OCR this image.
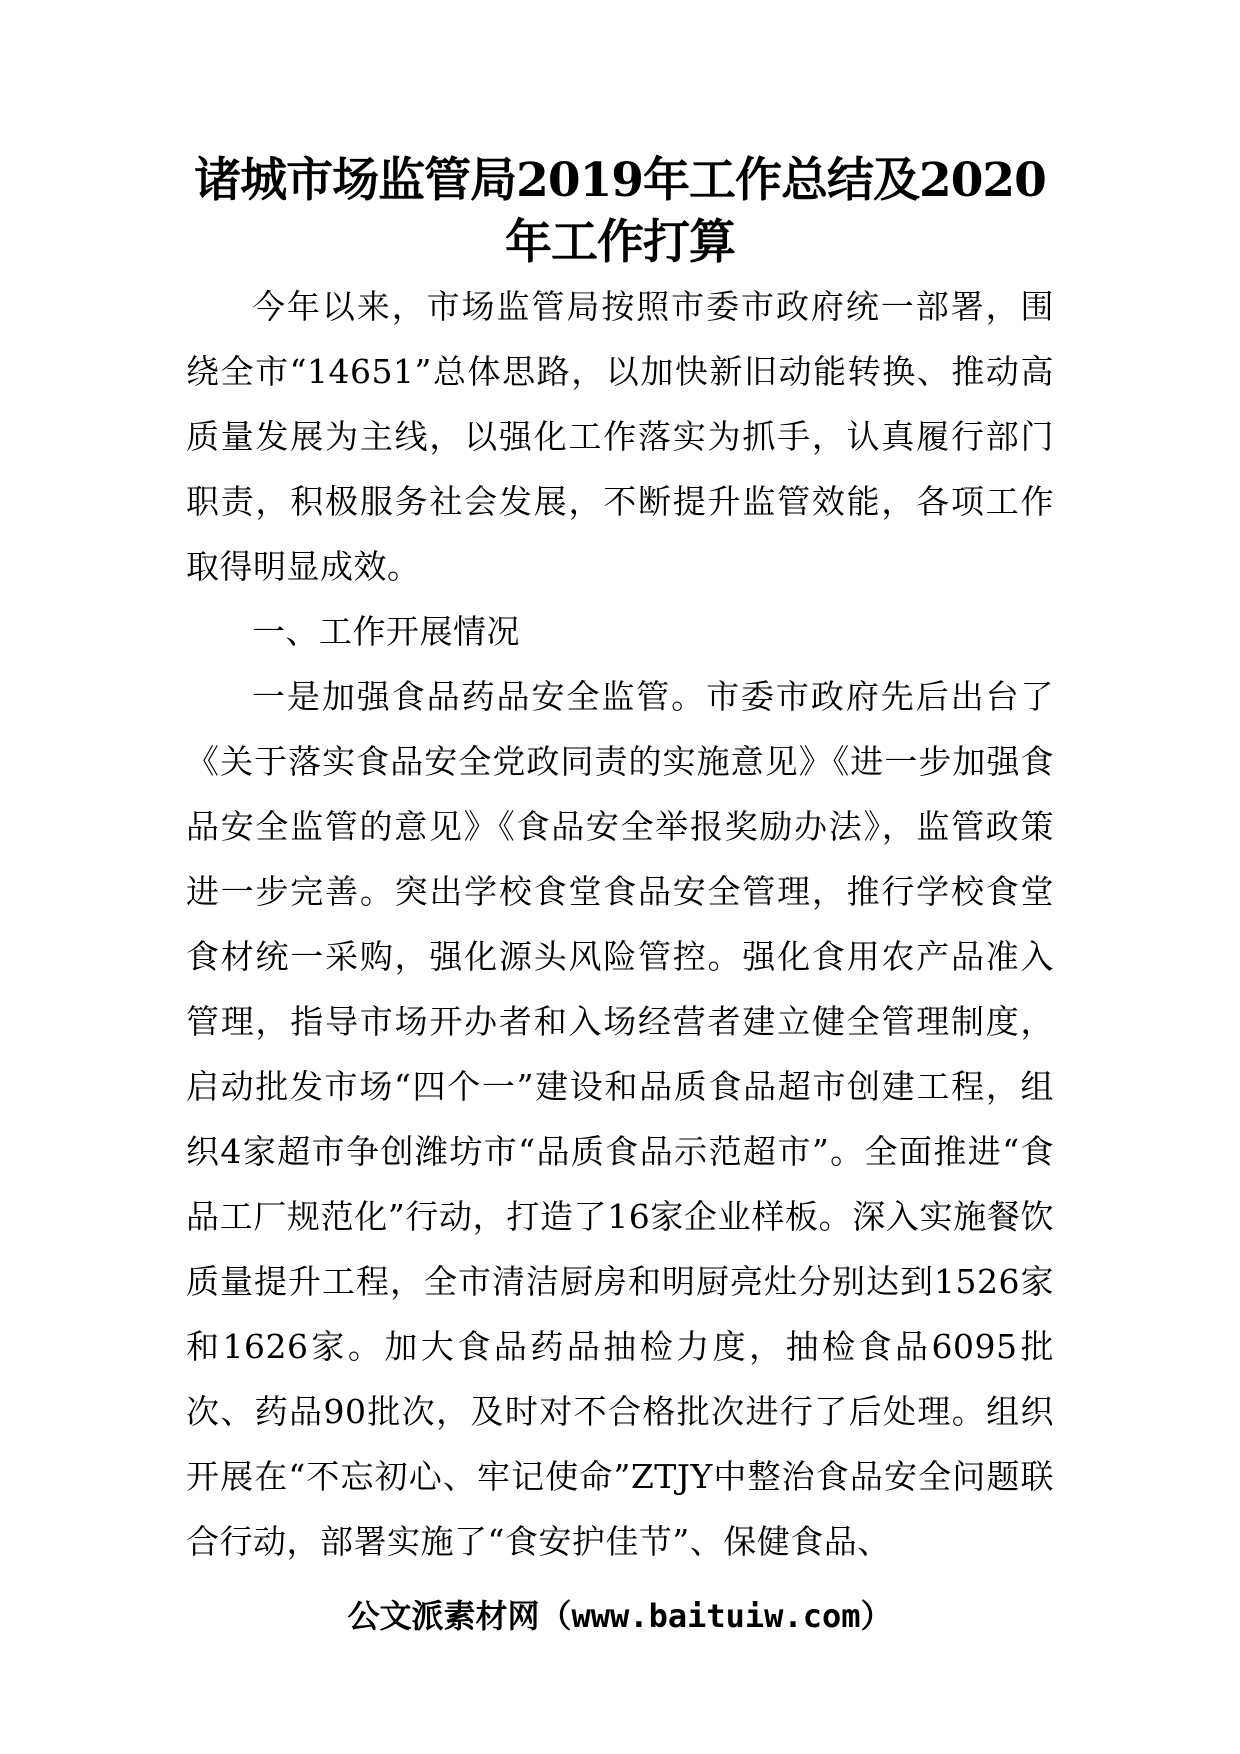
诸城市场监管局2019年工作总结及2020年工作打算

今年以来，市场监管局按照市委市政府统一部署，围绕全市“14651”总体思路，以加快新旧动能转换、推动高质量发展为主线，以强化工作落实为抓手，认真履行部门职责，积极服务社会发展，不断提升监管效能，各项工作取得明显成效。

一、工作开展情况

一是加强食品药品安全监管。市委市政府先后出台了《关于落实食品安全党政同责的实施意见》《进一步加强食品安全监管的意见》《食品安全举报奖励办法》，监管政策进一步完善。突出学校食堂食品安全管理，推行学校食堂食材统一采购，强化源头风险管控。强化食用农产品准入管理，指导市场开办者和入场经营者建立健全管理制度，启动批发市场“四个一”建设和品质食品超市创建工程，组织4家超市争创潍坊市“品质食品示范超市”。全面推进“食品工厂规范化”行动，打造了16家企业样板。深入实施餐饮质量提升工程，全市清洁厨房和明厨亮灶分别达到1526家和1626家。加大食品药品抽检力度，抽检食品6095批次、药品90批次，及时对不合格批次进行了后处理。组织开展在“不忘初心、牢记使命”ZTJY中整治食品安全问题联合行动，部署实施了“食安护佳节”、保健食品、

公文派素材网（www.baituiw.com）
